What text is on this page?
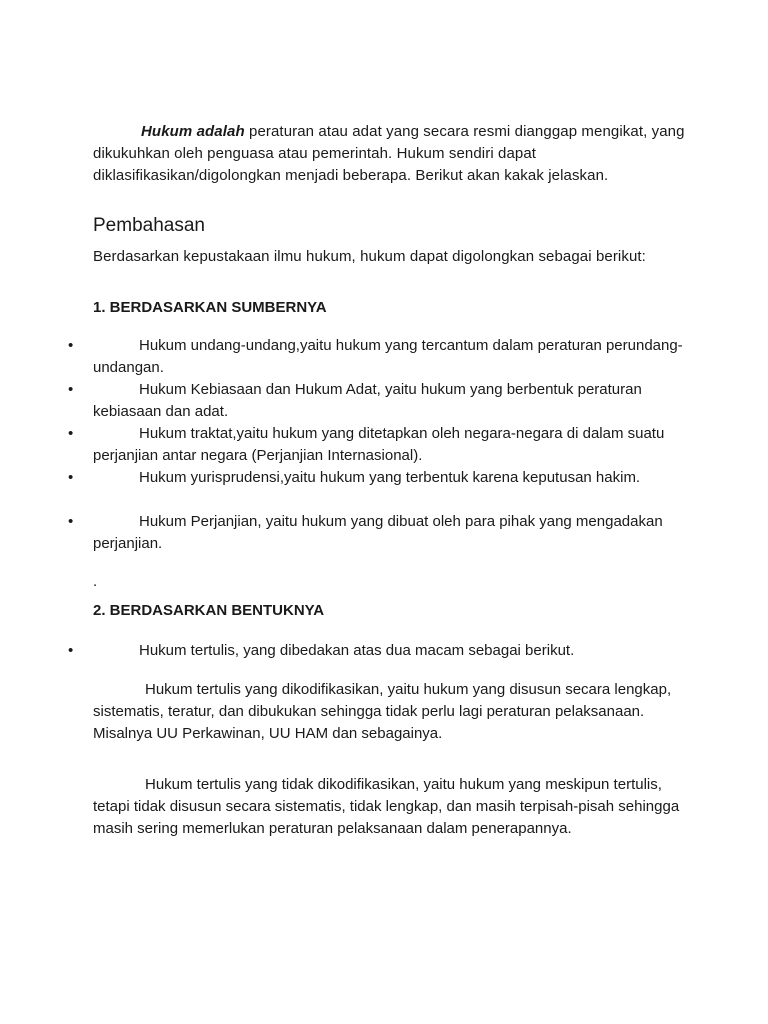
Hukum adalah peraturan atau adat yang secara resmi dianggap mengikat, yang dikukuhkan oleh penguasa atau pemerintah. Hukum sendiri dapat diklasifikasikan/digolongkan menjadi beberapa. Berikut akan kakak jelaskan.

Pembahasan

Berdasarkan kepustakaan ilmu hukum, hukum dapat digolongkan sebagai berikut:

1. BERDASARKAN SUMBERNYA
•	Hukum undang-undang,yaitu hukum yang tercantum dalam peraturan perundang-undangan.

•	Hukum Kebiasaan dan Hukum Adat, yaitu hukum yang berbentuk peraturan kebiasaan dan adat.

•	Hukum traktat,yaitu hukum yang ditetapkan oleh negara-negara di dalam suatu perjanjian antar negara (Perjanjian Internasional).

•	Hukum yurisprudensi,yaitu hukum yang terbentuk karena keputusan hakim.

•	Hukum Perjanjian, yaitu hukum yang dibuat oleh para pihak yang mengadakan perjanjian.

.

2. BERDASARKAN BENTUKNYA
•	Hukum tertulis, yang dibedakan atas dua macam sebagai berikut.

Hukum tertulis yang dikodifikasikan, yaitu hukum yang disusun secara lengkap, sistematis, teratur, dan dibukukan sehingga tidak perlu lagi peraturan pelaksanaan. Misalnya UU Perkawinan, UU HAM dan sebagainya.

Hukum tertulis yang tidak dikodifikasikan, yaitu hukum yang meskipun tertulis, tetapi tidak disusun secara sistematis, tidak lengkap, dan masih terpisah-pisah sehingga masih sering memerlukan peraturan pelaksanaan dalam penerapannya.
